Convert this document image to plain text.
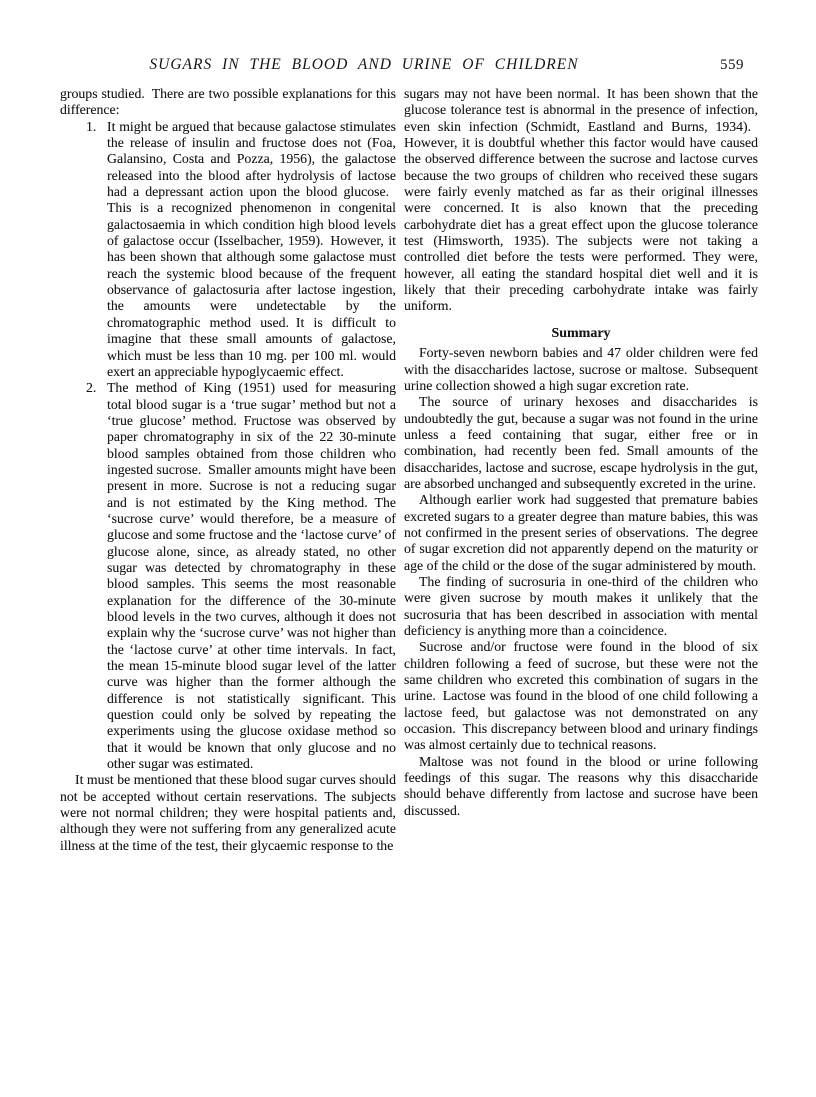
SUGARS IN THE BLOOD AND URINE OF CHILDREN	559

groups studied. There are two possible explanations for this difference:

1. It might be argued that because galactose stimulates the release of insulin and fructose does not (Foa, Galansino, Costa and Pozza, 1956), the galactose released into the blood after hydrolysis of lactose had a depressant action upon the blood glucose. This is a recognized phenomenon in congenital galactosaemia in which condition high blood levels of galactose occur (Isselbacher, 1959). However, it has been shown that although some galactose must reach the systemic blood because of the frequent observance of galactosuria after lactose ingestion, the amounts were undetectable by the chromatographic method used. It is difficult to imagine that these small amounts of galactose, which must be less than 10 mg. per 100 ml. would exert an appreciable hypoglycaemic effect.
2. The method of King (1951) used for measuring total blood sugar is a ‘true sugar’ method but not a ‘true glucose’ method. Fructose was observed by paper chromatography in six of the 22 30-minute blood samples obtained from those children who ingested sucrose. Smaller amounts might have been present in more. Sucrose is not a reducing sugar and is not estimated by the King method. The ‘sucrose curve’ would therefore, be a measure of glucose and some fructose and the ‘lactose curve’ of glucose alone, since, as already stated, no other sugar was detected by chromatography in these blood samples. This seems the most reasonable explanation for the difference of the 30-minute blood levels in the two curves, although it does not explain why the ‘sucrose curve’ was not higher than the ‘lactose curve’ at other time intervals. In fact, the mean 15-minute blood sugar level of the latter curve was higher than the former although the difference is not statistically significant. This question could only be solved by repeating the experiments using the glucose oxidase method so that it would be known that only glucose and no other sugar was estimated.

It must be mentioned that these blood sugar curves should not be accepted without certain reservations. The subjects were not normal children; they were hospital patients and, although they were not suffering from any generalized acute illness at the time of the test, their glycaemic response to the

sugars may not have been normal. It has been shown that the glucose tolerance test is abnormal in the presence of infection, even skin infection (Schmidt, Eastland and Burns, 1934). However, it is doubtful whether this factor would have caused the observed difference between the sucrose and lactose curves because the two groups of children who received these sugars were fairly evenly matched as far as their original illnesses were concerned. It is also known that the preceding carbohydrate diet has a great effect upon the glucose tolerance test (Himsworth, 1935). The subjects were not taking a controlled diet before the tests were performed. They were, however, all eating the standard hospital diet well and it is likely that their preceding carbohydrate intake was fairly uniform.

Summary

Forty-seven newborn babies and 47 older children were fed with the disaccharides lactose, sucrose or maltose. Subsequent urine collection showed a high sugar excretion rate.

The source of urinary hexoses and disaccharides is undoubtedly the gut, because a sugar was not found in the urine unless a feed containing that sugar, either free or in combination, had recently been fed. Small amounts of the disaccharides, lactose and sucrose, escape hydrolysis in the gut, are absorbed unchanged and subsequently excreted in the urine.

Although earlier work had suggested that premature babies excreted sugars to a greater degree than mature babies, this was not confirmed in the present series of observations. The degree of sugar excretion did not apparently depend on the maturity or age of the child or the dose of the sugar administered by mouth.

The finding of sucrosuria in one-third of the children who were given sucrose by mouth makes it unlikely that the sucrosuria that has been described in association with mental deficiency is anything more than a coincidence.

Sucrose and/or fructose were found in the blood of six children following a feed of sucrose, but these were not the same children who excreted this combination of sugars in the urine. Lactose was found in the blood of one child following a lactose feed, but galactose was not demonstrated on any occasion. This discrepancy between blood and urinary findings was almost certainly due to technical reasons.

Maltose was not found in the blood or urine following feedings of this sugar. The reasons why this disaccharide should behave differently from lactose and sucrose have been discussed.
